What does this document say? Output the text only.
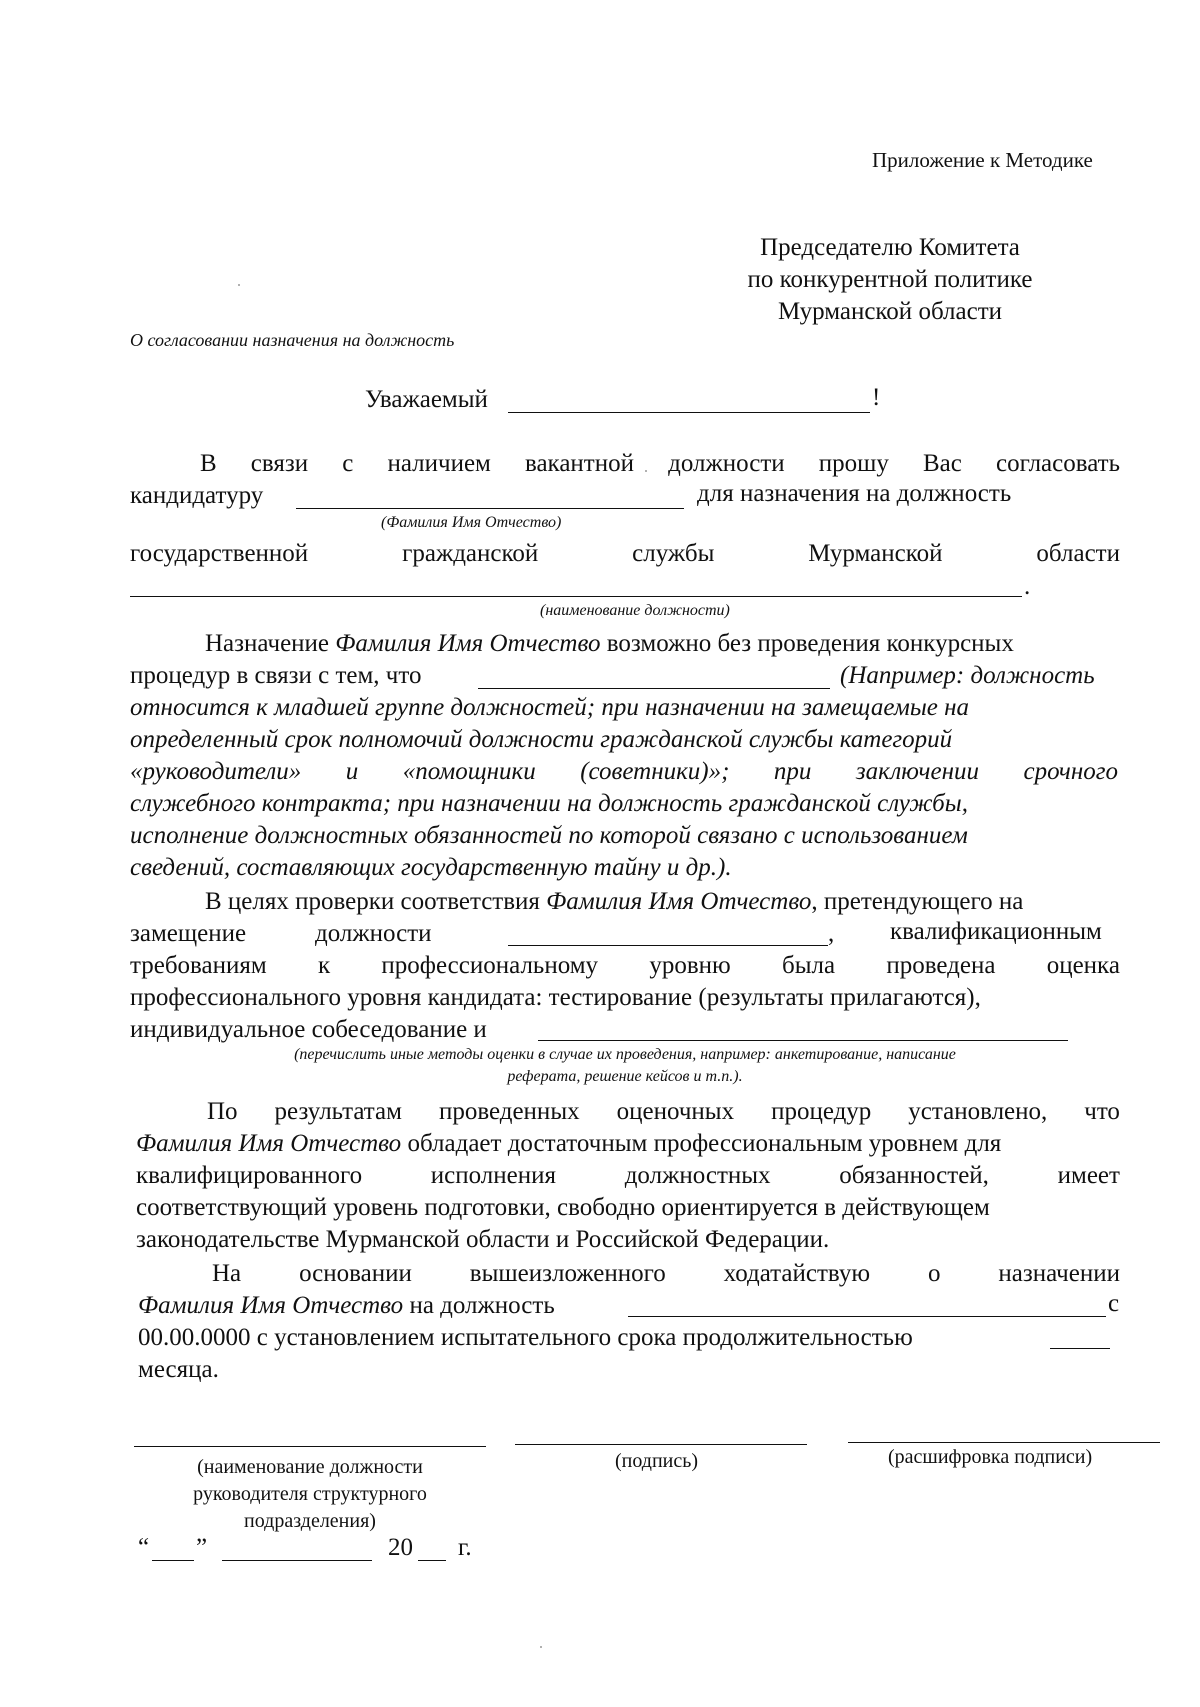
Приложение к Методике
Председателю Комитета
по конкурентной политике
Мурманской области
О согласовании назначения на должность
Уважаемый	!
В связи с наличием вакантной должности прошу Вас согласовать
кандидатуру	для назначения на должность
(Фамилия Имя Отчество)
государственной	гражданской	службы	Мурманской	области
.
(наименование должности)
Назначение Фамилия Имя Отчество возможно без проведения конкурсных
процедур в связи с тем, что	(Например: должность
относится к младшей группе должностей; при назначении на замещаемые на
определенный срок полномочий должности гражданской службы категорий
«руководители» и «помощники (советники)»; при заключении срочного
служебного контракта; при назначении на должность гражданской службы,
исполнение должностных обязанностей по которой связано с использованием
сведений, составляющих государственную тайну и др.).
В целях проверки соответствия Фамилия Имя Отчество, претендующего на
замещение	должности	, квалификационным
требованиям к профессиональному уровню была проведена оценка
профессионального уровня кандидата: тестирование (результаты прилагаются),
индивидуальное собеседование и
(перечислить иные методы оценки в случае их проведения, например: анкетирование, написание
реферата, решение кейсов и т.п.).
По результатам проведенных оценочных процедур установлено, что
Фамилия Имя Отчество обладает достаточным профессиональным уровнем для
квалифицированного	исполнения	должностных	обязанностей,	имеет
соответствующий уровень подготовки, свободно ориентируется в действующем
законодательстве Мурманской области и Российской Федерации.
На основании вышеизложенного ходатайствую о назначении
Фамилия Имя Отчество на должность	с
00.00.0000 с установлением испытательного срока продолжительностью
месяца.
(наименование должности
руководителя структурного
подразделения)
(подпись)	(расшифровка подписи)
“ ”	20 г.
